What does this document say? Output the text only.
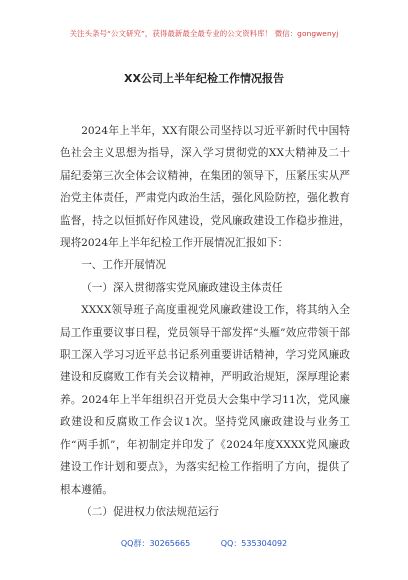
关注头条号“公文研究”，获得最新最全最专业的公文资料库！ 微信：gongwenyj
XX公司上半年纪检工作情况报告

2024年上半年，XX有限公司坚持以习近平新时代中国特色社会主义思想为指导，深入学习贯彻党的XX大精神及二十届纪委第三次全体会议精神，在集团的领导下，压紧压实从严治党主体责任，严肃党内政治生活，强化风险防控，强化教育监督，持之以恒抓好作风建设，党风廉政建设工作稳步推进，现将2024年上半年纪检工作开展情况汇报如下：

一、工作开展情况

（一）深入贯彻落实党风廉政建设主体责任

XXXX领导班子高度重视党风廉政建设工作，将其纳入全局工作重要议事日程，党员领导干部发挥“头雁”效应带领干部职工深入学习习近平总书记系列重要讲话精神，学习党风廉政建设和反腐败工作有关会议精神，严明政治规矩，深厚理论素养。2024年上半年组织召开党员大会集中学习11次，党风廉政建设和反腐败工作会议1次。坚持党风廉政建设与业务工作“两手抓”，年初制定并印发了《2024年度XXXX党风廉政建设工作计划和要点》，为落实纪检工作指明了方向，提供了根本遵循。

（二）促进权力依法规范运行

QQ群：30265665	QQ：535304092
